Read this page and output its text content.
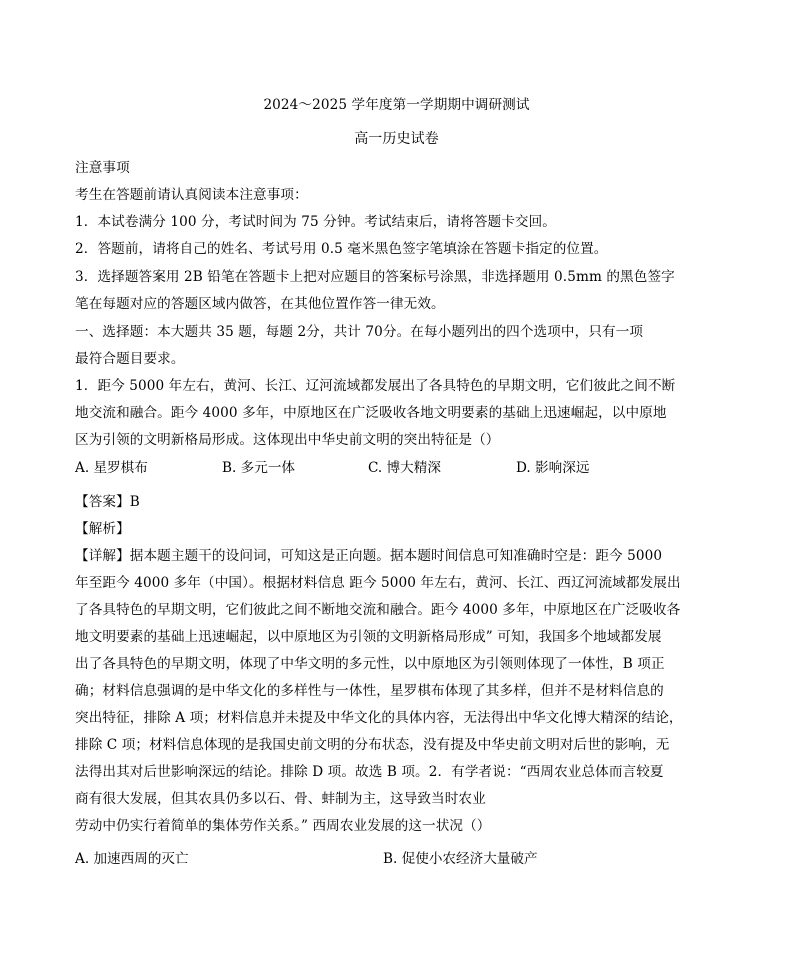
2024～2025 学年度第一学期期中调研测试
高一历史试卷
注意事项
考生在答题前请认真阅读本注意事项：
1．本试卷满分 100 分，考试时间为 75 分钟。考试结束后，请将答题卡交回。
2．答题前，请将自己的姓名、考试号用 0.5 毫米黑色签字笔填涂在答题卡指定的位置。
3．选择题答案用 2B 铅笔在答题卡上把对应题目的答案标号涂黑，非选择题用 0.5mm 的黑色签字
笔在每题对应的答题区域内做答，在其他位置作答一律无效。
一、选择题：本大题共 35 题，每题 2分，共计 70分。在每小题列出的四个选项中，只有一项
最符合题目要求。
1．距今 5000 年左右，黄河、长江、辽河流域都发展出了各具特色的早期文明，它们彼此之间不断
地交流和融合。距今 4000 多年，中原地区在广泛吸收各地文明要素的基础上迅速崛起，以中原地
区为引领的文明新格局形成。这体现出中华史前文明的突出特征是（）
A. 星罗棋布	B. 多元一体	C. 博大精深	D. 影响深远
【答案】B
【解析】
【详解】据本题主题干的设问词，可知这是正向题。据本题时间信息可知准确时空是：距今 5000
年至距今 4000 多年（中国）。根据材料信息 距今 5000 年左右，黄河、长江、西辽河流域都发展出
了各具特色的早期文明，它们彼此之间不断地交流和融合。距今 4000 多年，中原地区在广泛吸收各
地文明要素的基础上迅速崛起，以中原地区为引领的文明新格局形成” 可知，我国多个地域都发展
出了各具特色的早期文明，体现了中华文明的多元性，以中原地区为引领则体现了一体性，B 项正
确；材料信息强调的是中华文化的多样性与一体性，星罗棋布体现了其多样，但并不是材料信息的
突出特征，排除 A 项；材料信息并未提及中华文化的具体内容，无法得出中华文化博大精深的结论，
排除 C 项；材料信息体现的是我国史前文明的分布状态，没有提及中华史前文明对后世的影响，无
法得出其对后世影响深远的结论。排除 D 项。故选 B 项。2．有学者说：“西周农业总体而言较夏
商有很大发展，但其农具仍多以石、骨、蚌制为主，这导致当时农业
劳动中仍实行着简单的集体劳作关系。” 西周农业发展的这一状况（）
A. 加速西周的灭亡	B. 促使小农经济大量破产
